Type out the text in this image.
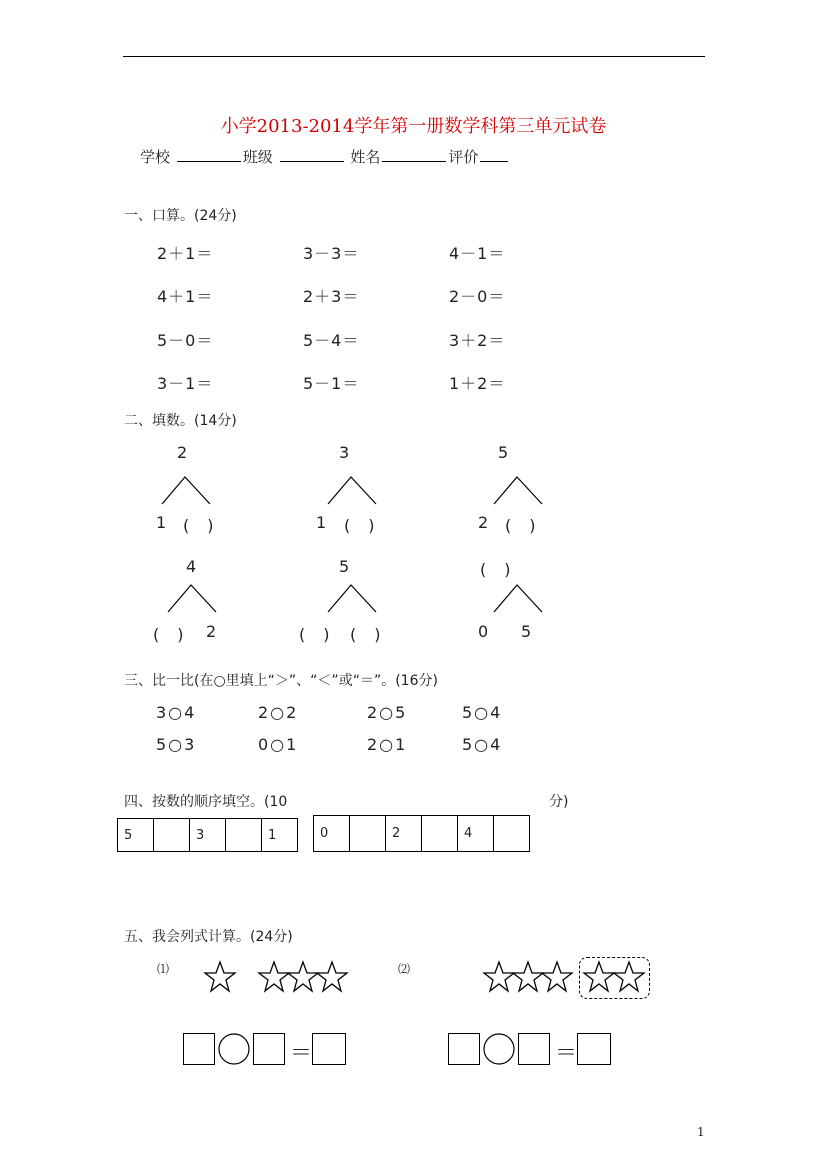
小学2013-2014学年第一册数学科第三单元试卷
学校	班级	姓名	评价
一、口算。(24分)
2＋1＝	3－3＝	4－1＝
4＋1＝	2＋3＝	2－0＝
5－0＝	5－4＝	3＋2＝
3－1＝	5－1＝	1＋2＝
二、填数。(14分)
2
1 (　)
3
1 (　)
5
2 (　)
4
(　) 2
5
(　) (　)
(　)
0 5
三、比一比(在○里填上“＞”、“＜”或“＝”。(16分)
3○4	2○2	2○5	5○4
5○3	0○1	2○1	5○4
四、按数的顺序填空。(10	分)
5		3		1	0		2		4	
五、我会列式计算。(24分)
⑴	⑵
＝	＝
1
